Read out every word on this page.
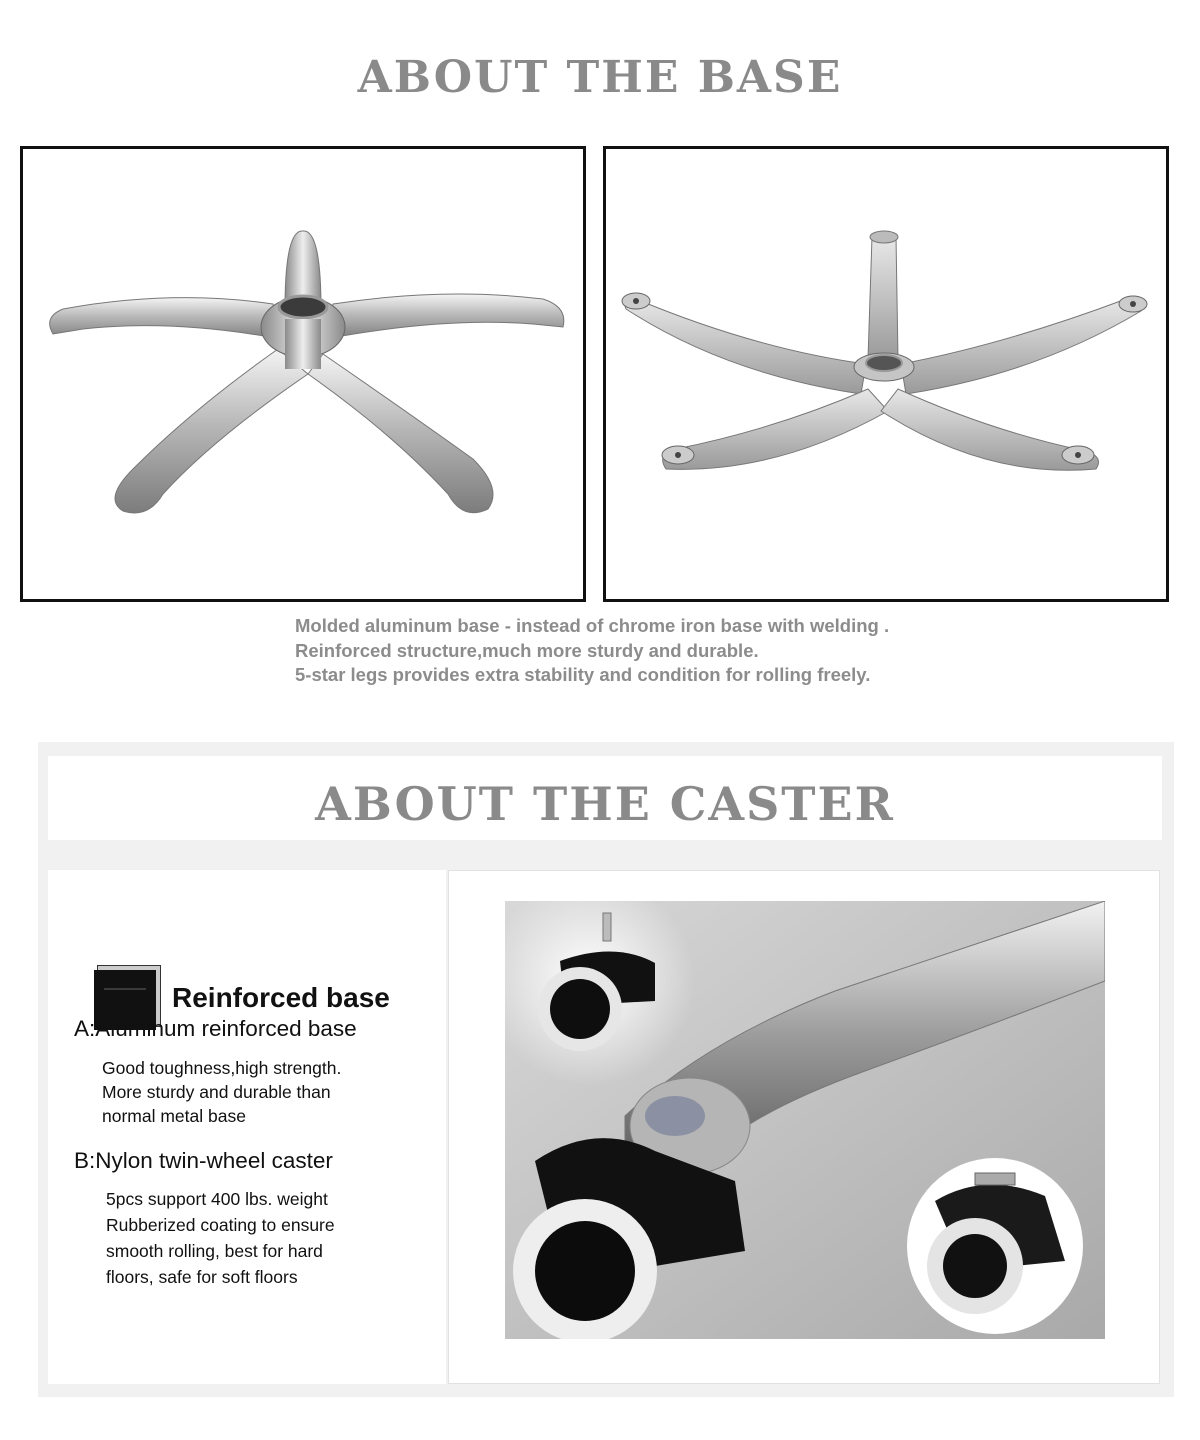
ABOUT THE BASE
Molded aluminum base - instead of chrome iron base with welding .
Reinforced structure,much more sturdy and durable.
5-star legs provides extra stability and condition for rolling freely.
ABOUT THE CASTER
Reinforced base
A:Aluminum reinforced base
Good toughness,high strength.
More sturdy and durable than
normal metal base
B:Nylon twin-wheel caster
5pcs support 400 lbs. weight
Rubberized coating to ensure
smooth rolling, best for hard
floors, safe for soft floors
